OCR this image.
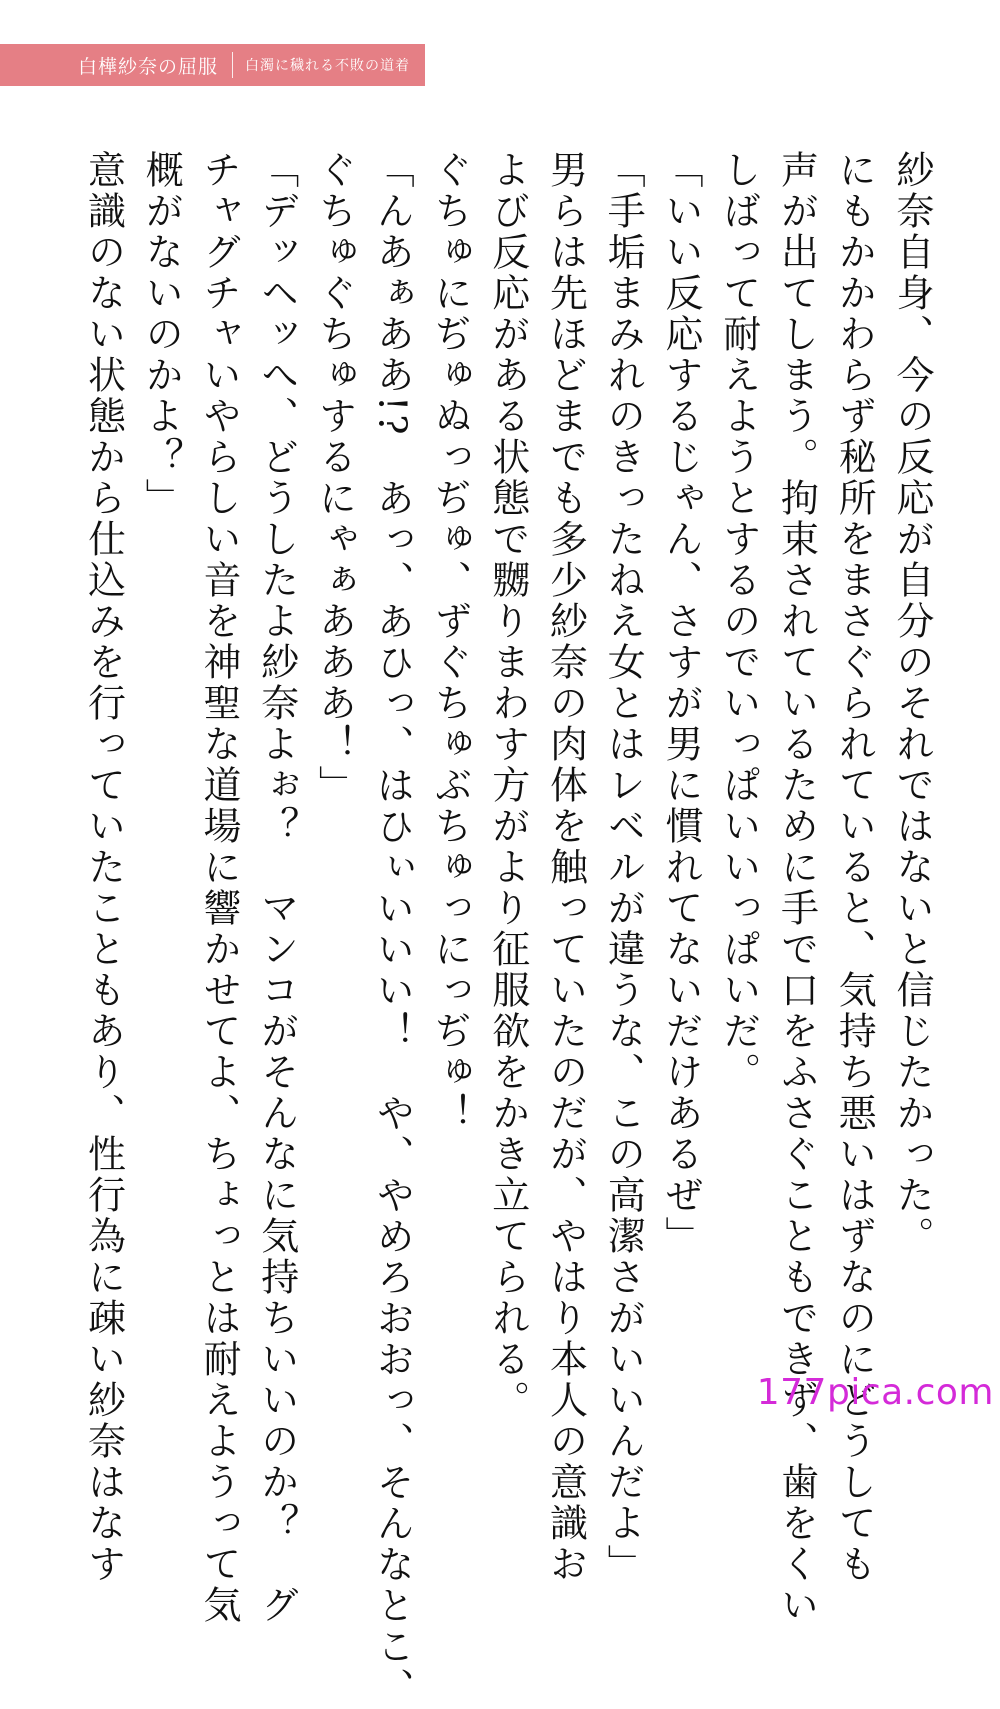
白樺紗奈の屈服 白濁に穢れる不敗の道着

紗奈自身、今の反応が自分のそれではないと信じたかった。

にもかかわらず秘所をまさぐられていると、気持ち悪いはずなのにどうしても

声が出てしまう。拘束されているために手で口をふさぐこともできず、歯をくい

しばって耐えようとするのでいっぱいいっぱいだ。

「いい反応するじゃん、さすが男に慣れてないだけあるぜ」

「手垢まみれのきったねえ女とはレベルが違うな、この高潔さがいいんだよ」

男らは先ほどまでも多少紗奈の肉体を触っていたのだが、やはり本人の意識お

よび反応がある状態で嬲りまわす方がより征服欲をかき立てられる。

ぐちゅにぢゅぬっぢゅ、ずぐちゅぶちゅっにっぢゅ！

「んあぁああ!?　あっ、あひっ、はひぃいいい！　や、やめろおおっ、そんなとこ、

ぐちゅぐちゅするにゃぁあああ！」

「デッヘッへ、どうしたよ紗奈よぉ？　マンコがそんなに気持ちいいのか？　グ

チャグチャいやらしい音を神聖な道場に響かせてよ、ちょっとは耐えようって気

概がないのかよ？」

意識のない状態から仕込みを行っていたこともあり、性行為に疎い紗奈はなす	177pica.com
